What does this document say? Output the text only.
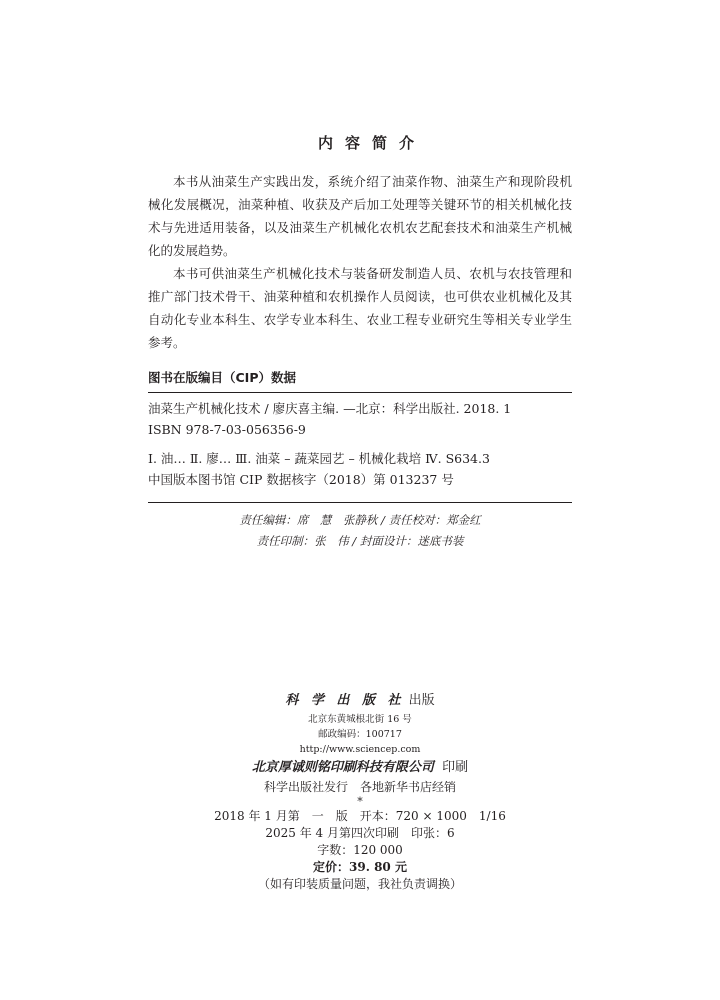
内容简介

本书从油菜生产实践出发，系统介绍了油菜作物、油菜生产和现阶段机械化发展概况，油菜种植、收获及产后加工处理等关键环节的相关机械化技术与先进适用装备，以及油菜生产机械化农机农艺配套技术和油菜生产机械化的发展趋势。

本书可供油菜生产机械化技术与装备研发制造人员、农机与农技管理和推广部门技术骨干、油菜种植和农机操作人员阅读，也可供农业机械化及其自动化专业本科生、农学专业本科生、农业工程专业研究生等相关专业学生参考。

图书在版编目（CIP）数据
油菜生产机械化技术 / 廖庆喜主编. —北京：科学出版社. 2018. 1
ISBN 978-7-03-056356-9
Ⅰ. 油… Ⅱ. 廖… Ⅲ. 油菜 – 蔬菜园艺 – 机械化栽培 Ⅳ. S634.3
中国版本图书馆 CIP 数据核字（2018）第 013237 号
责任编辑：席　慧　张静秋 / 责任校对：郑金红
责任印制：张　伟 / 封面设计：迷底书装
科 学 出 版 社 出版
北京东黄城根北街 16 号
邮政编码：100717
http://www.sciencep.com
北京厚诚则铭印刷科技有限公司  印刷
科学出版社发行　各地新华书店经销
*
2018 年 1 月第　一　版　开本：720 × 1000　1/16
2025 年 4 月第四次印刷　印张：6
字数：120 000
定价：39. 80 元
（如有印装质量问题，我社负责调换）
